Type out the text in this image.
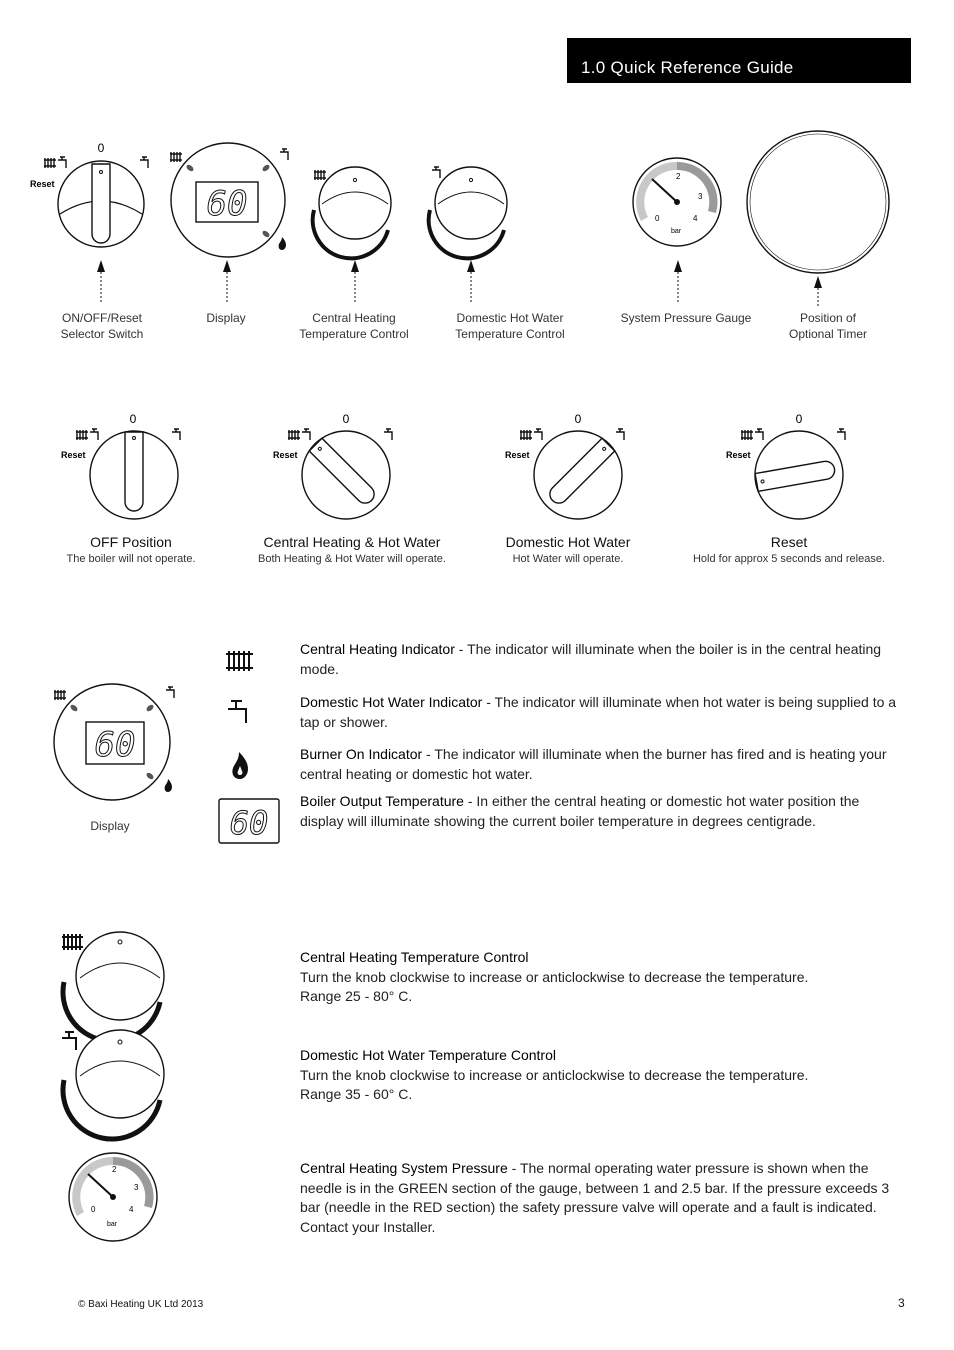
1.0 Quick Reference Guide
0
Reset
ON/OFF/Reset
Selector Switch
60
Display	Central Heating
Temperature Control
Domestic Hot Water
Temperature Control
1
2
3
0	4
bar
System Pressure Gauge	Position of
Optional Timer
0
Reset
OFF Position
The boiler will not operate.
0
Reset
Central Heating & Hot Water
Both Heating & Hot Water will operate.
0
Reset
Domestic Hot Water
Hot Water will operate.
0
Reset
Reset
Hold for approx 5 seconds and release.
60
Display	60
Central Heating Indicator - The indicator will illuminate when the boiler is in the central heating mode.
Domestic Hot Water Indicator - The indicator will illuminate when hot water is being supplied to a tap or shower.
Burner On Indicator - The indicator will illuminate when the burner has fired and is heating your central heating or domestic hot water.
Boiler Output Temperature - In either the central heating or domestic hot water position the display will illuminate showing the current boiler temperature in degrees centigrade.
Central Heating Temperature Control
Turn the knob clockwise to increase or anticlockwise to decrease the temperature.
Range 25 - 80° C.
Domestic Hot Water Temperature Control
Turn the knob clockwise to increase or anticlockwise to decrease the temperature.
Range 35 - 60° C.
1
2
3
0	4
bar
Central Heating System Pressure - The normal operating water pressure is shown when the needle is in the GREEN section of the gauge, between 1 and 2.5 bar. If the pressure exceeds 3 bar (needle in the RED section) the safety pressure valve will operate and a fault is indicated. Contact your Installer.
© Baxi Heating UK Ltd 2013	3
